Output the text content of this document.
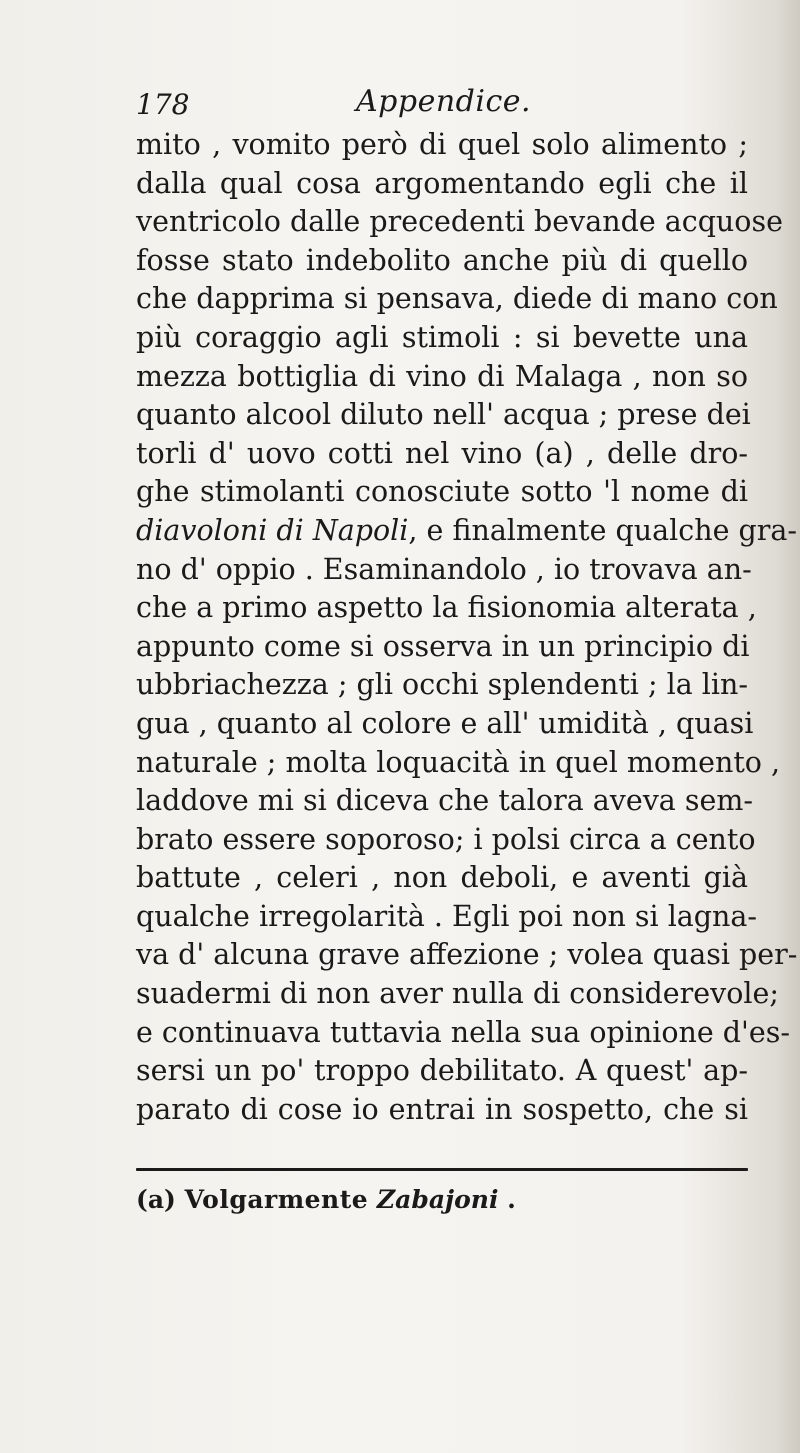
178	Appendice.
mito , vomito però di quel solo alimento ;
dalla qual cosa argomentando egli che il
ventricolo dalle precedenti bevande acquose
fosse stato indebolito anche più di quello
che dapprima si pensava, diede di mano con
più coraggio agli stimoli : si bevette una
mezza bottiglia di vino di Malaga , non so
quanto alcool diluto nell' acqua ; prese dei
torli d' uovo cotti nel vino (a) , delle dro-
ghe stimolanti conosciute sotto 'l nome di
diavoloni di Napoli, e finalmente qualche gra-
no d' oppio . Esaminandolo , io trovava an-
che a primo aspetto la fisionomia alterata ,
appunto come si osserva in un principio di
ubbriachezza ; gli occhi splendenti ; la lin-
gua , quanto al colore e all' umidità , quasi
naturale ; molta loquacità in quel momento ,
laddove mi si diceva che talora aveva sem-
brato essere soporoso; i polsi circa a cento
battute , celeri , non deboli, e aventi già
qualche irregolarità . Egli poi non si lagna-
va d' alcuna grave affezione ; volea quasi per-
suadermi di non aver nulla di considerevole;
e continuava tuttavia nella sua opinione d'es-
sersi un po' troppo debilitato. A quest' ap-
parato di cose io entrai in sospetto, che si
(a) Volgarmente Zabajoni .
